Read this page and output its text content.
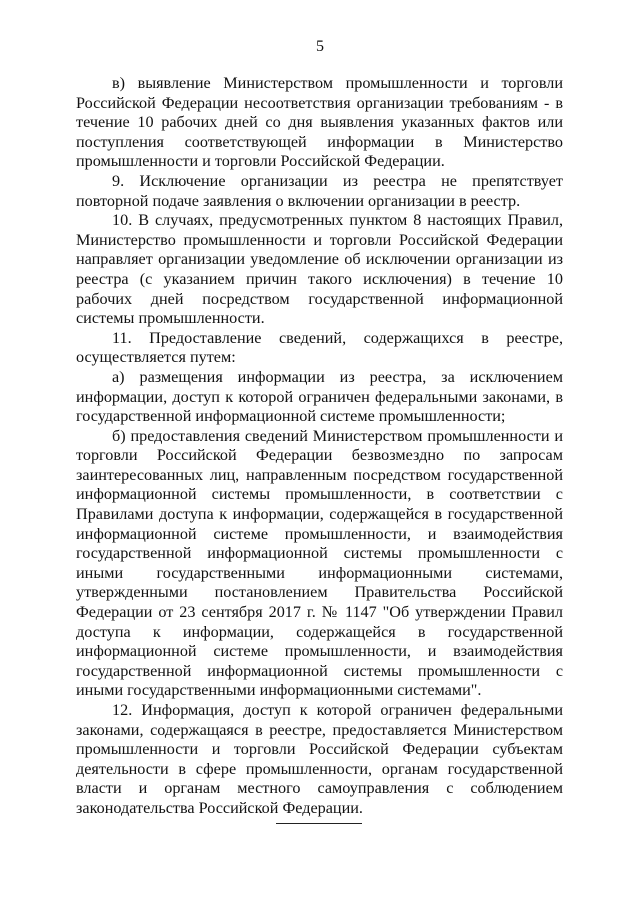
5

в) выявление Министерством промышленности и торговли Российской Федерации несоответствия организации требованиям - в течение 10 рабочих дней со дня выявления указанных фактов или поступления соответствующей информации в Министерство промышленности и торговли Российской Федерации.

9. Исключение организации из реестра не препятствует повторной подаче заявления о включении организации в реестр.

10. В случаях, предусмотренных пунктом 8 настоящих Правил, Министерство промышленности и торговли Российской Федерации направляет организации уведомление об исключении организации из реестра (с указанием причин такого исключения) в течение 10 рабочих дней посредством государственной информационной системы промышленности.

11. Предоставление сведений, содержащихся в реестре, осуществляется путем:

а) размещения информации из реестра, за исключением информации, доступ к которой ограничен федеральными законами, в государственной информационной системе промышленности;

б) предоставления сведений Министерством промышленности и торговли Российской Федерации безвозмездно по запросам заинтересованных лиц, направленным посредством государственной информационной системы промышленности, в соответствии с Правилами доступа к информации, содержащейся в государственной информационной системе промышленности, и взаимодействия государственной информационной системы промышленности с иными государственными информационными системами, утвержденными постановлением Правительства Российской Федерации от 23 сентября 2017 г. № 1147 "Об утверждении Правил доступа к информации, содержащейся в государственной информационной системе промышленности, и взаимодействия государственной информационной системы промышленности с иными государственными информационными системами".

12. Информация, доступ к которой ограничен федеральными законами, содержащаяся в реестре, предоставляется Министерством промышленности и торговли Российской Федерации субъектам деятельности в сфере промышленности, органам государственной власти и органам местного самоуправления с соблюдением законодательства Российской Федерации.
